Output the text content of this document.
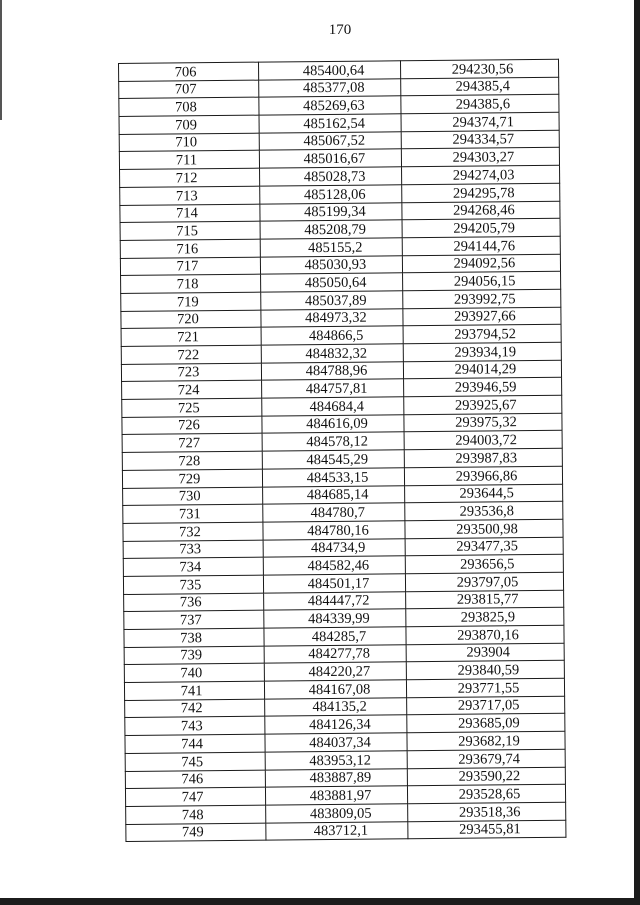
170
706	485400,64	294230,56
707	485377,08	294385,4
708	485269,63	294385,6
709	485162,54	294374,71
710	485067,52	294334,57
711	485016,67	294303,27
712	485028,73	294274,03
713	485128,06	294295,78
714	485199,34	294268,46
715	485208,79	294205,79
716	485155,2	294144,76
717	485030,93	294092,56
718	485050,64	294056,15
719	485037,89	293992,75
720	484973,32	293927,66
721	484866,5	293794,52
722	484832,32	293934,19
723	484788,96	294014,29
724	484757,81	293946,59
725	484684,4	293925,67
726	484616,09	293975,32
727	484578,12	294003,72
728	484545,29	293987,83
729	484533,15	293966,86
730	484685,14	293644,5
731	484780,7	293536,8
732	484780,16	293500,98
733	484734,9	293477,35
734	484582,46	293656,5
735	484501,17	293797,05
736	484447,72	293815,77
737	484339,99	293825,9
738	484285,7	293870,16
739	484277,78	293904
740	484220,27	293840,59
741	484167,08	293771,55
742	484135,2	293717,05
743	484126,34	293685,09
744	484037,34	293682,19
745	483953,12	293679,74
746	483887,89	293590,22
747	483881,97	293528,65
748	483809,05	293518,36
749	483712,1	293455,81
